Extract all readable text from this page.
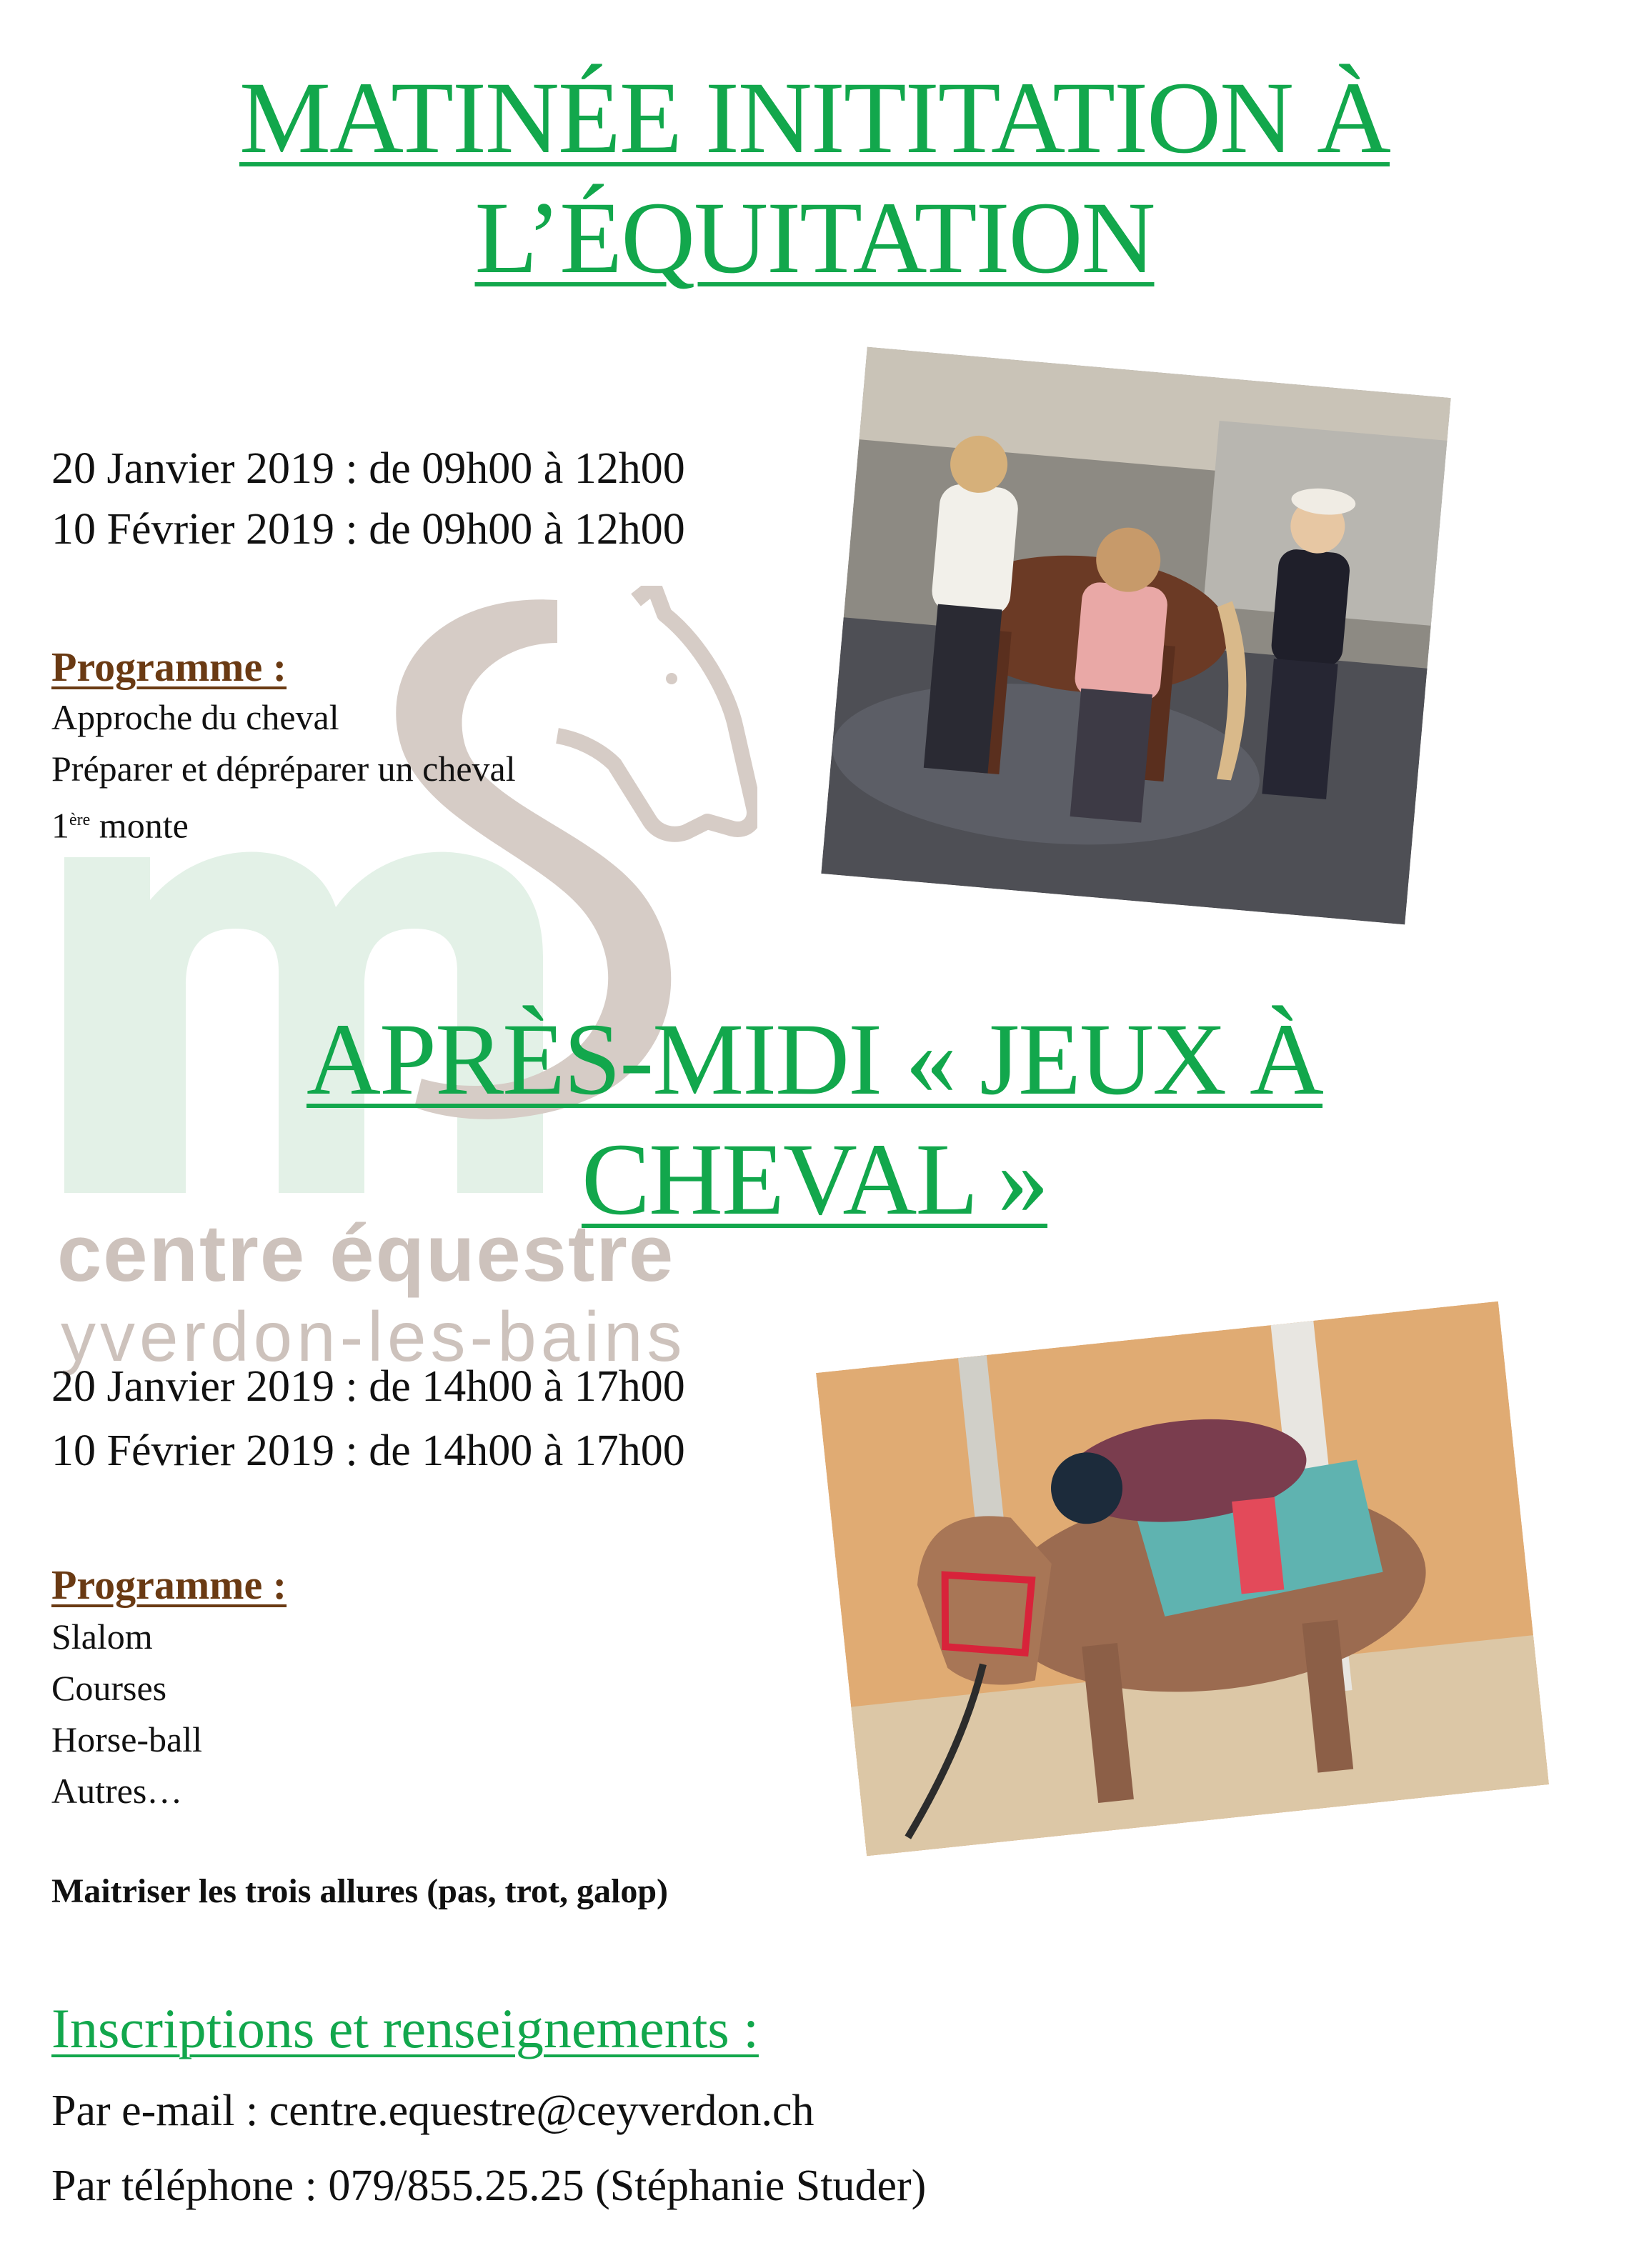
centre équestre
yverdon-les-bains
MATINÉE INITITATION À
L’ÉQUITATION
20 Janvier 2019 : de 09h00 à 12h00
10 Février 2019 : de 09h00 à 12h00
Programme :
Approche du cheval
Préparer et dépréparer un cheval
1ère monte
APRÈS-MIDI « JEUX À
CHEVAL »
20 Janvier 2019 : de 14h00 à 17h00
10 Février 2019 : de 14h00 à 17h00
Programme :
Slalom
Courses
Horse-ball
Autres…
Maitriser les trois allures (pas, trot, galop)
Inscriptions et renseignements :
Par e-mail : centre.equestre@ceyverdon.ch
Par téléphone : 079/855.25.25 (Stéphanie Studer)
